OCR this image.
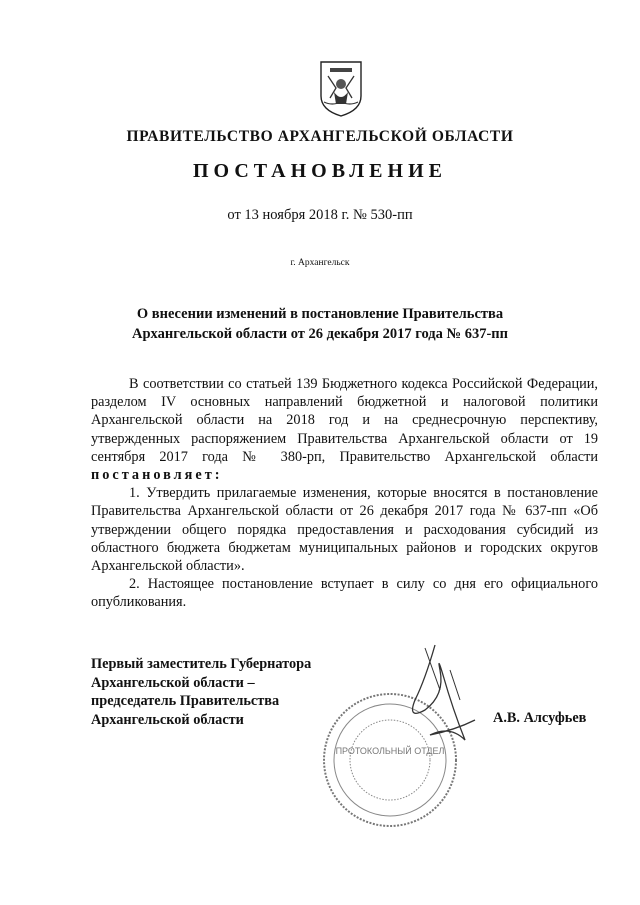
ПРАВИТЕЛЬСТВО АРХАНГЕЛЬСКОЙ ОБЛАСТИ
ПОСТАНОВЛЕНИЕ
от 13 ноября 2018 г. № 530-пп
г. Архангельск
О внесении изменений в постановление Правительства
Архангельской области от 26 декабря 2017 года № 637-пп

В соответствии со статьей 139 Бюджетного кодекса Российской Федерации, разделом IV основных направлений бюджетной и налоговой политики Архангельской области на 2018 год и на среднесрочную перспективу, утвержденных распоряжением Правительства Архангельской области от 19 сентября 2017 года № 380-рп, Правительство Архангельской области постановляет:

1. Утвердить прилагаемые изменения, которые вносятся в постановление Правительства Архангельской области от 26 декабря 2017 года № 637-пп «Об утверждении общего порядка предоставления и расходования субсидий из областного бюджета бюджетам муниципальных районов и городских округов Архангельской области».

2. Настоящее постановление вступает в силу со дня его официального опубликования.

ПРОТОКОЛЬНЫЙ ОТДЕЛ
Первый заместитель Губернатора
Архангельской области –
председатель Правительства
Архангельской области	А.В. Алсуфьев
